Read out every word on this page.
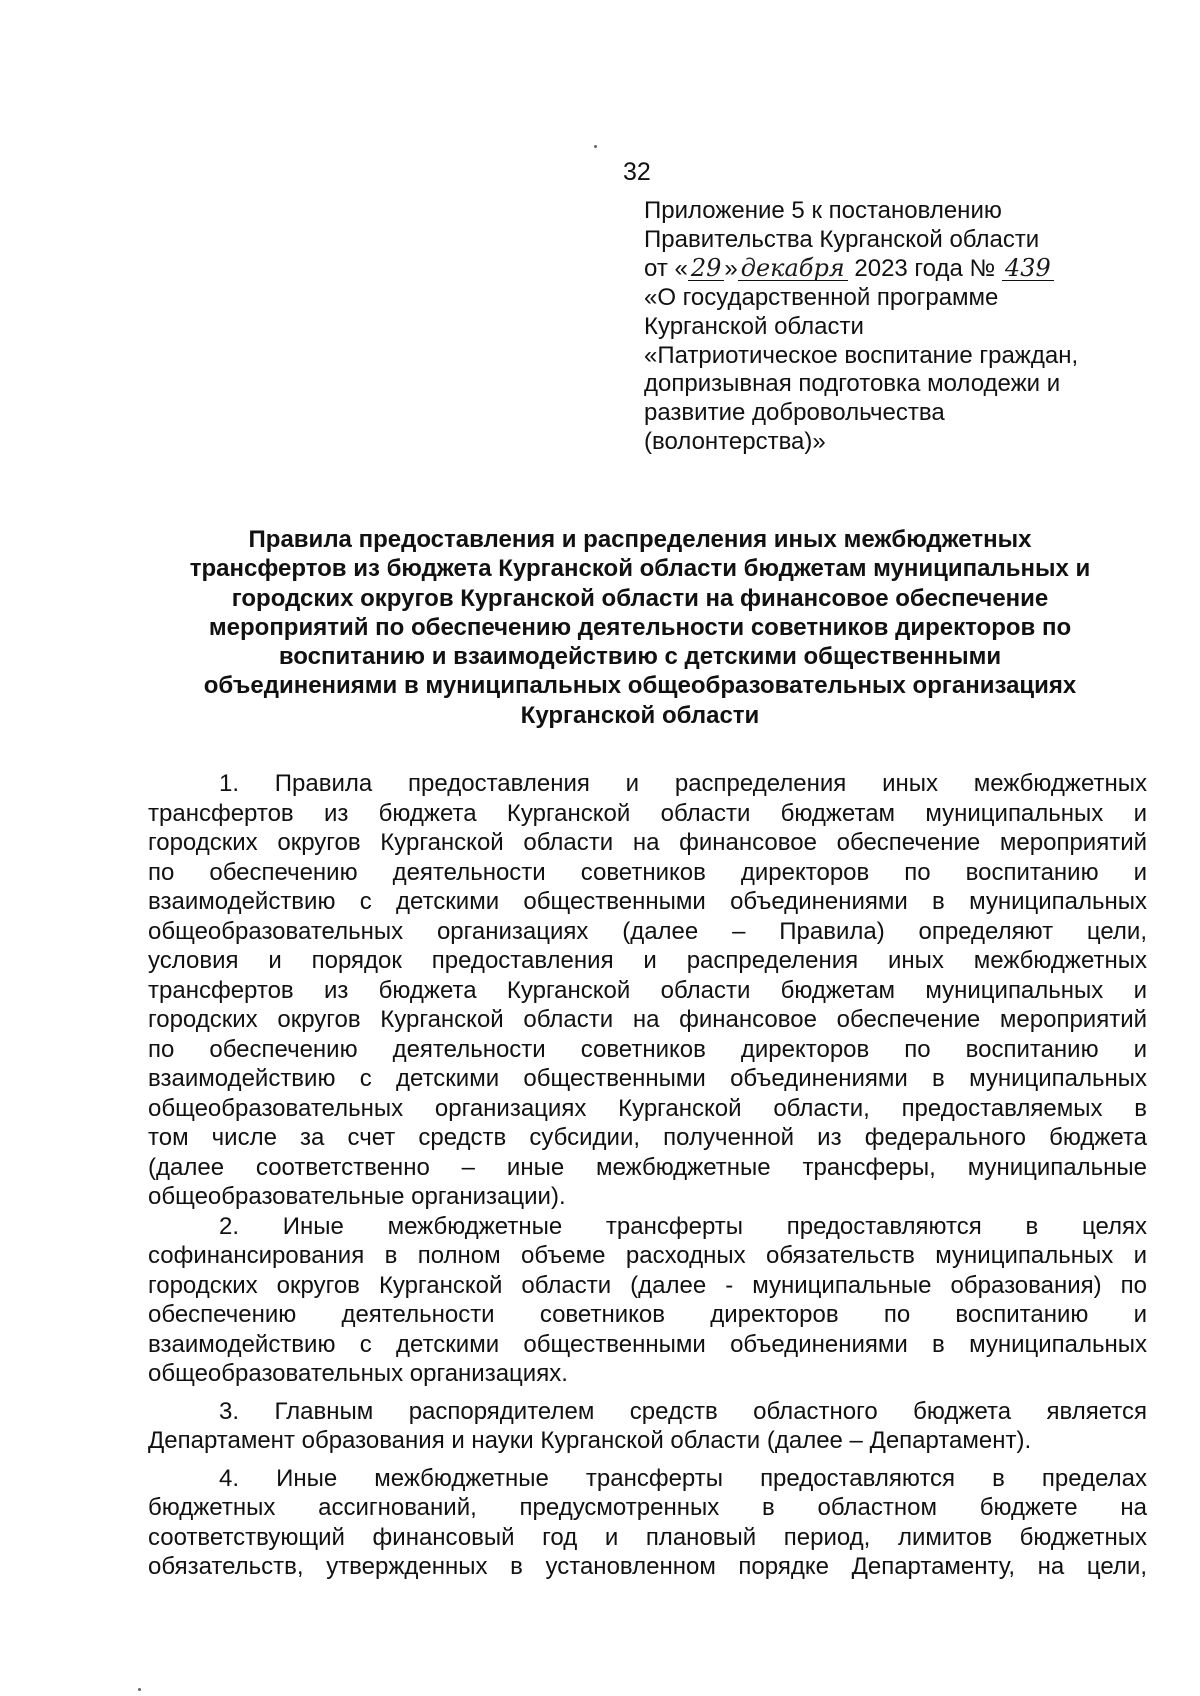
32
Приложение 5 к постановлению
Правительства Курганской области
от « 29 » декабря 2023 года № 439
«О государственной программе
Курганской области
«Патриотическое воспитание граждан,
допризывная подготовка молодежи и
развитие добровольчества
(волонтерства)»
Правила предоставления и распределения иных межбюджетных
трансфертов из бюджета Курганской области бюджетам муниципальных и
городских округов Курганской области на финансовое обеспечение
мероприятий по обеспечению деятельности советников директоров по
воспитанию и взаимодействию с детскими общественными
объединениями в муниципальных общеобразовательных организациях
Курганской области
1. Правила предоставления и распределения иных межбюджетных
трансфертов из бюджета Курганской области бюджетам муниципальных и
городских округов Курганской области на финансовое обеспечение мероприятий
по обеспечению деятельности советников директоров по воспитанию и
взаимодействию с детскими общественными объединениями в муниципальных
общеобразовательных организациях (далее – Правила) определяют цели,
условия и порядок предоставления и распределения иных межбюджетных
трансфертов из бюджета Курганской области бюджетам муниципальных и
городских округов Курганской области на финансовое обеспечение мероприятий
по обеспечению деятельности советников директоров по воспитанию и
взаимодействию с детскими общественными объединениями в муниципальных
общеобразовательных организациях Курганской области, предоставляемых в
том числе за счет средств субсидии, полученной из федерального бюджета
(далее соответственно – иные межбюджетные трансферы, муниципальные
общеобразовательные организации).
2. Иные межбюджетные трансферты предоставляются в целях
софинансирования в полном объеме расходных обязательств муниципальных и
городских округов Курганской области (далее - муниципальные образования) по
обеспечению деятельности советников директоров по воспитанию и
взаимодействию с детскими общественными объединениями в муниципальных
общеобразовательных организациях.
3. Главным распорядителем средств областного бюджета является
Департамент образования и науки Курганской области (далее – Департамент).
4. Иные межбюджетные трансферты предоставляются в пределах
бюджетных ассигнований, предусмотренных в областном бюджете на
соответствующий финансовый год и плановый период, лимитов бюджетных
обязательств, утвержденных в установленном порядке Департаменту, на цели,
